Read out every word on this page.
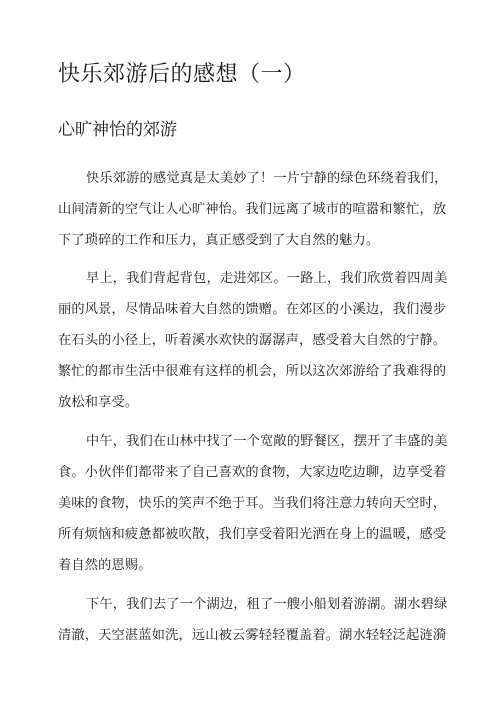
快乐郊游后的感想（一）
心旷神怡的郊游
快乐郊游的感觉真是太美妙了！一片宁静的绿色环绕着我们，
山间清新的空气让人心旷神怡。我们远离了城市的喧嚣和繁忙，放
下了琐碎的工作和压力，真正感受到了大自然的魅力。
早上，我们背起背包，走进郊区。一路上，我们欣赏着四周美
丽的风景，尽情品味着大自然的馈赠。在郊区的小溪边，我们漫步
在石头的小径上，听着溪水欢快的潺潺声，感受着大自然的宁静。
繁忙的都市生活中很难有这样的机会，所以这次郊游给了我难得的
放松和享受。
中午，我们在山林中找了一个宽敞的野餐区，摆开了丰盛的美
食。小伙伴们都带来了自己喜欢的食物，大家边吃边聊，边享受着
美味的食物，快乐的笑声不绝于耳。当我们将注意力转向天空时，
所有烦恼和疲惫都被吹散，我们享受着阳光洒在身上的温暖，感受
着自然的恩赐。
下午，我们去了一个湖边，租了一艘小船划着游湖。湖水碧绿
清澈，天空湛蓝如洗，远山被云雾轻轻覆盖着。湖水轻轻泛起涟漪
